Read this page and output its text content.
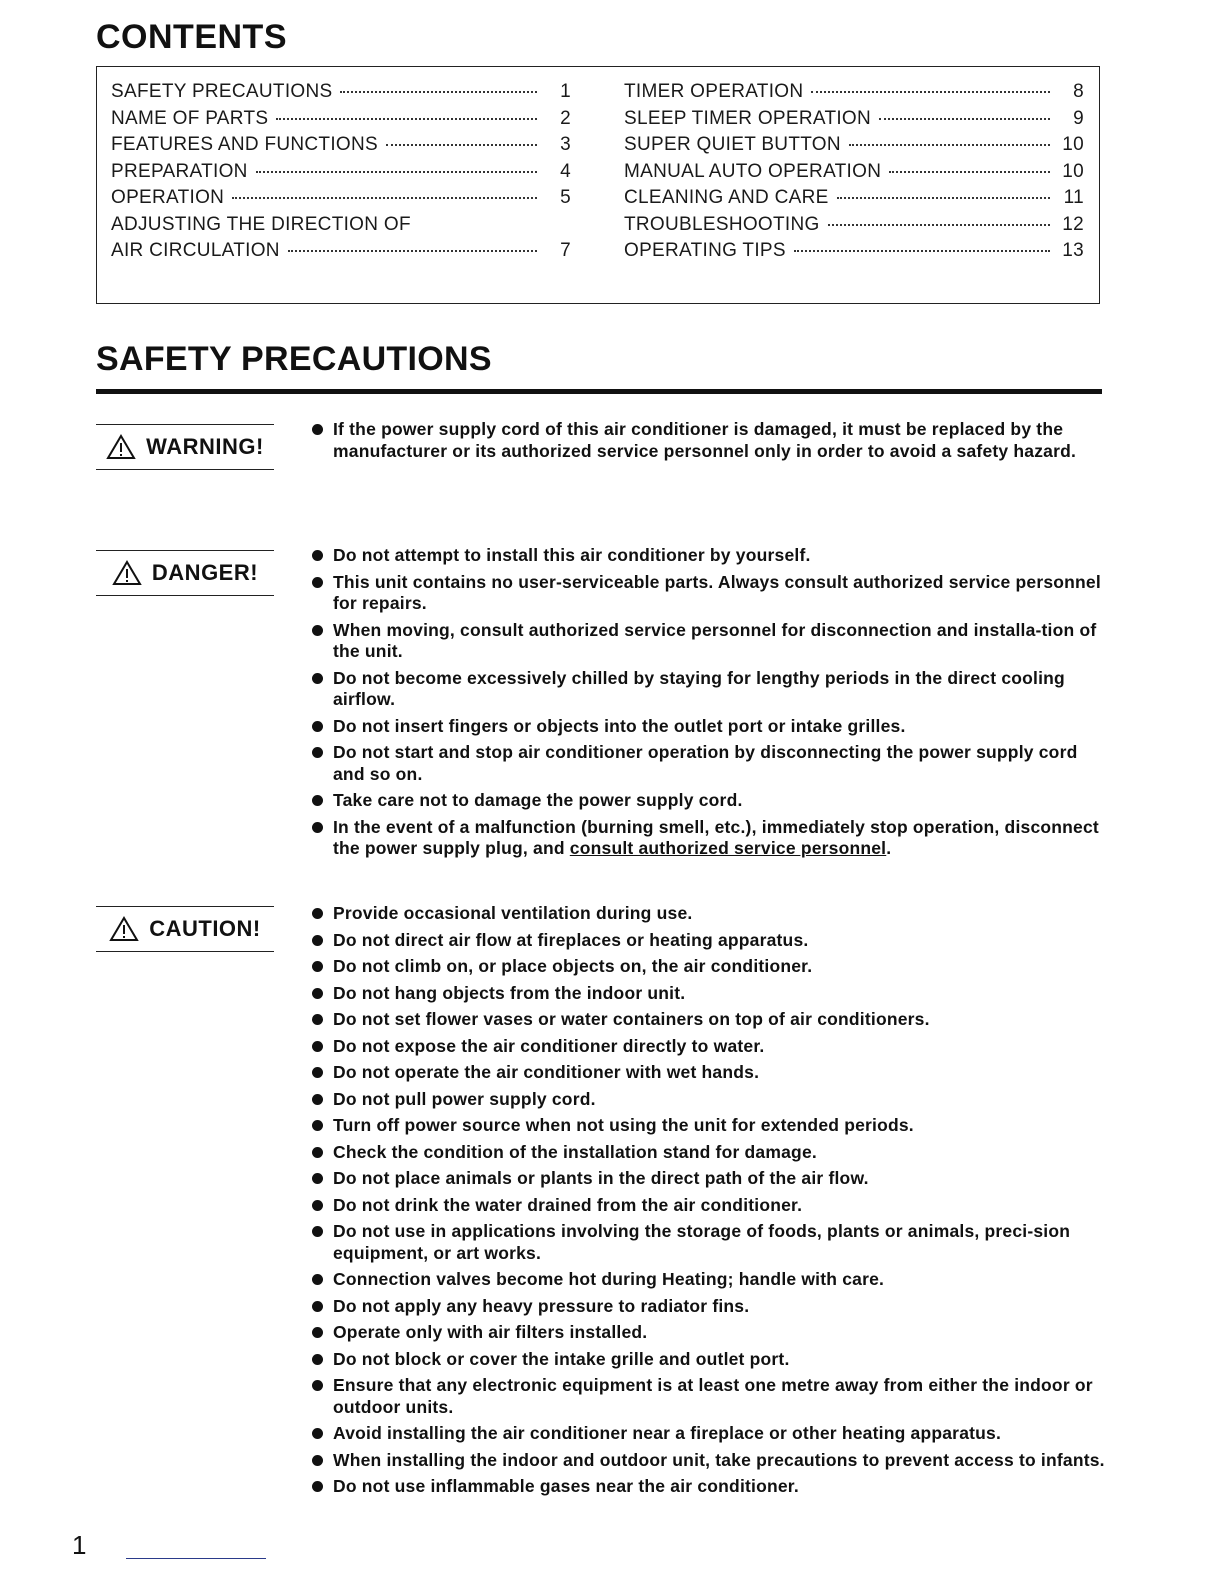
CONTENTS
SAFETY PRECAUTIONS	1
NAME OF PARTS	2
FEATURES AND FUNCTIONS	3
PREPARATION	4
OPERATION	5
ADJUSTING THE DIRECTION OF
AIR CIRCULATION	7
TIMER OPERATION	8
SLEEP TIMER OPERATION	9
SUPER QUIET BUTTON	10
MANUAL AUTO OPERATION	10
CLEANING AND CARE	11
TROUBLESHOOTING	12
OPERATING TIPS	13
SAFETY PRECAUTIONS
WARNING!
If the power supply cord of this air conditioner is damaged, it must be replaced by the manufacturer or its authorized service personnel only in order to avoid a safety hazard.
DANGER!
Do not attempt to install this air conditioner by yourself.
This unit contains no user-serviceable parts. Always consult authorized service personnel for repairs.
When moving, consult authorized service personnel for disconnection and installa-tion of the unit.
Do not become excessively chilled by staying for lengthy periods in the direct cooling airflow.
Do not insert fingers or objects into the outlet port or intake grilles.
Do not start and stop air conditioner operation by disconnecting the power supply cord and so on.
Take care not to damage the power supply cord.
In the event of a malfunction (burning smell, etc.), immediately stop operation, disconnect the power supply plug, and consult authorized service personnel.
CAUTION!
Provide occasional ventilation during use.
Do not direct air flow at fireplaces or heating apparatus.
Do not climb on, or place objects on, the air conditioner.
Do not hang objects from the indoor unit.
Do not set flower vases or water containers on top of air conditioners.
Do not expose the air conditioner directly to water.
Do not operate the air conditioner with wet hands.
Do not pull power supply cord.
Turn off power source when not using the unit for extended periods.
Check the condition of the installation stand for damage.
Do not place animals or plants in the direct path of the air flow.
Do not drink the water drained from the air conditioner.
Do not use in applications involving the storage of foods, plants or animals, preci-sion equipment, or art works.
Connection valves become hot during Heating; handle with care.
Do not apply any heavy pressure to radiator fins.
Operate only with air filters installed.
Do not block or cover the intake grille and outlet port.
Ensure that any electronic equipment is at least one metre away from either the indoor or outdoor units.
Avoid installing the air conditioner near a fireplace or other heating apparatus.
When installing the indoor and outdoor unit, take precautions to prevent access to infants.
Do not use inflammable gases near the air conditioner.
1
